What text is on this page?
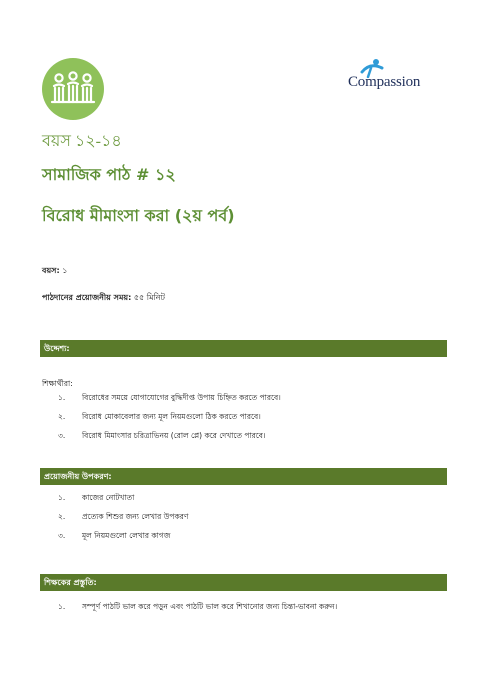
Compassion
বয়স ১২-১৪
সামাজিক পাঠ # ১২
বিরোধ মীমাংসা করা (২য় পর্ব)
বয়স: ১
পাঠদানের প্রয়োজনীয় সময়: ৫৫ মিনিট
উদ্দেশ্য:
শিক্ষার্থীরা:
১. বিরোধের সময়ে যোগাযোগের বুদ্ধিদীপ্ত উপায় চিহ্নিত করতে পারবে।
২. বিরোধ মোকাবেলার জন্য মূল নিয়মগুলো ঠিক করতে পারবে।
৩. বিরোধ মিমাংসার চরিত্রাভিনয় (রোল প্লে) করে দেখাতে পারবে।
প্রয়োজনীয় উপকরণ:
১. কাজের নোটখাতা
২. প্রত্যেক শিশুর জন্য লেখার উপকরণ
৩. মূল নিয়মগুলো লেখার কাগজ
শিক্ষকের প্রস্তুতি:
১. সম্পূর্ণ পাঠটি ভাল করে পড়ুন এবং পাঠটি ভাল করে শিখানোর জন্য চিন্তা-ভাবনা করুন।
